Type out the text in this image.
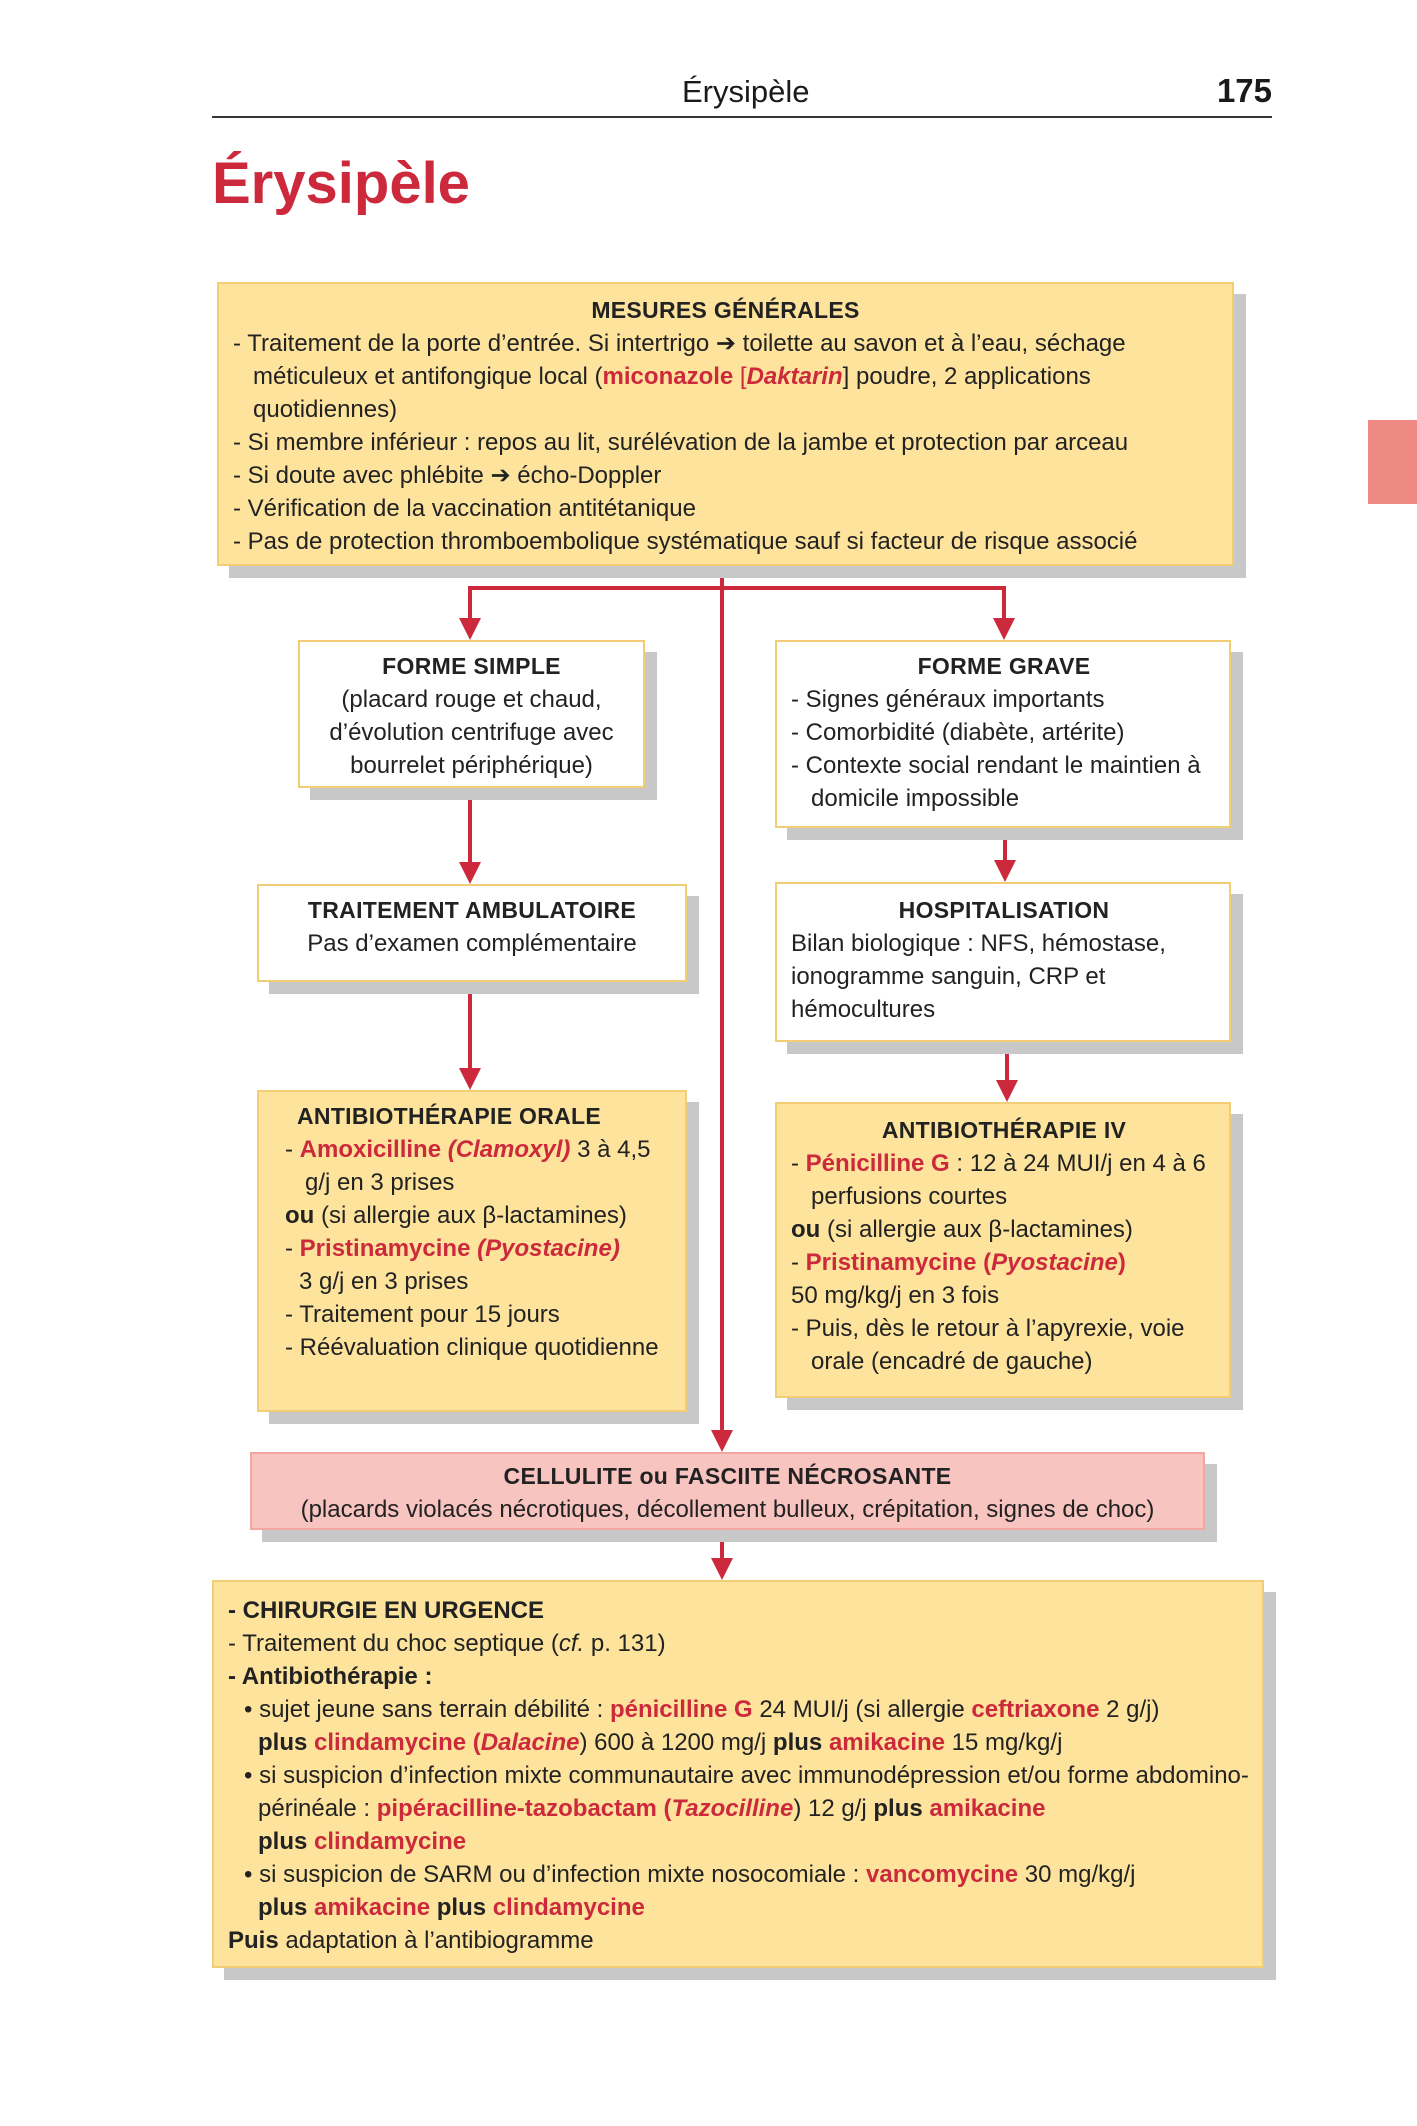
Érysipèle	175
Érysipèle
MESURES GÉNÉRALES
- Traitement de la porte d’entrée. Si intertrigo ➔ toilette au savon et à l’eau, séchage méticuleux et antifongique local (miconazole [Daktarin] poudre, 2 applications quotidiennes)
- Si membre inférieur : repos au lit, surélévation de la jambe et protection par arceau
- Si doute avec phlébite ➔ écho-Doppler
- Vérification de la vaccination antitétanique
- Pas de protection thromboembolique systématique sauf si facteur de risque associé
FORME SIMPLE
(placard rouge et chaud, d’évolution centrifuge avec bourrelet périphérique)
FORME GRAVE
- Signes généraux importants
- Comorbidité (diabète, artérite)
- Contexte social rendant le maintien à domicile impossible
TRAITEMENT AMBULATOIRE
Pas d’examen complémentaire
HOSPITALISATION
Bilan biologique : NFS, hémostase, ionogramme sanguin, CRP et hémocultures
ANTIBIOTHÉRAPIE ORALE
- Amoxicilline (Clamoxyl) 3 à 4,5 g/j en 3 prises
ou (si allergie aux β-lactamines)
- Pristinamycine (Pyostacine)
3 g/j en 3 prises
- Traitement pour 15 jours
- Réévaluation clinique quotidienne
ANTIBIOTHÉRAPIE IV
- Pénicilline G : 12 à 24 MUI/j en 4 à 6 perfusions courtes
ou (si allergie aux β-lactamines)
- Pristinamycine (Pyostacine)
50 mg/kg/j en 3 fois
- Puis, dès le retour à l’apyrexie, voie orale (encadré de gauche)
CELLULITE ou FASCIITE NÉCROSANTE
(placards violacés nécrotiques, décollement bulleux, crépitation, signes de choc)
- CHIRURGIE EN URGENCE
- Traitement du choc septique (cf. p. 131)
- Antibiothérapie :
• sujet jeune sans terrain débilité : pénicilline G 24 MUI/j (si allergie ceftriaxone 2 g/j)
plus clindamycine (Dalacine) 600 à 1200 mg/j plus amikacine 15 mg/kg/j
• si suspicion d’infection mixte communautaire avec immunodépression et/ou forme abdomino-périnéale : pipéracilline-tazobactam (Tazocilline) 12 g/j plus amikacine
plus clindamycine
• si suspicion de SARM ou d’infection mixte nosocomiale : vancomycine 30 mg/kg/j
plus amikacine plus clindamycine
Puis adaptation à l’antibiogramme
